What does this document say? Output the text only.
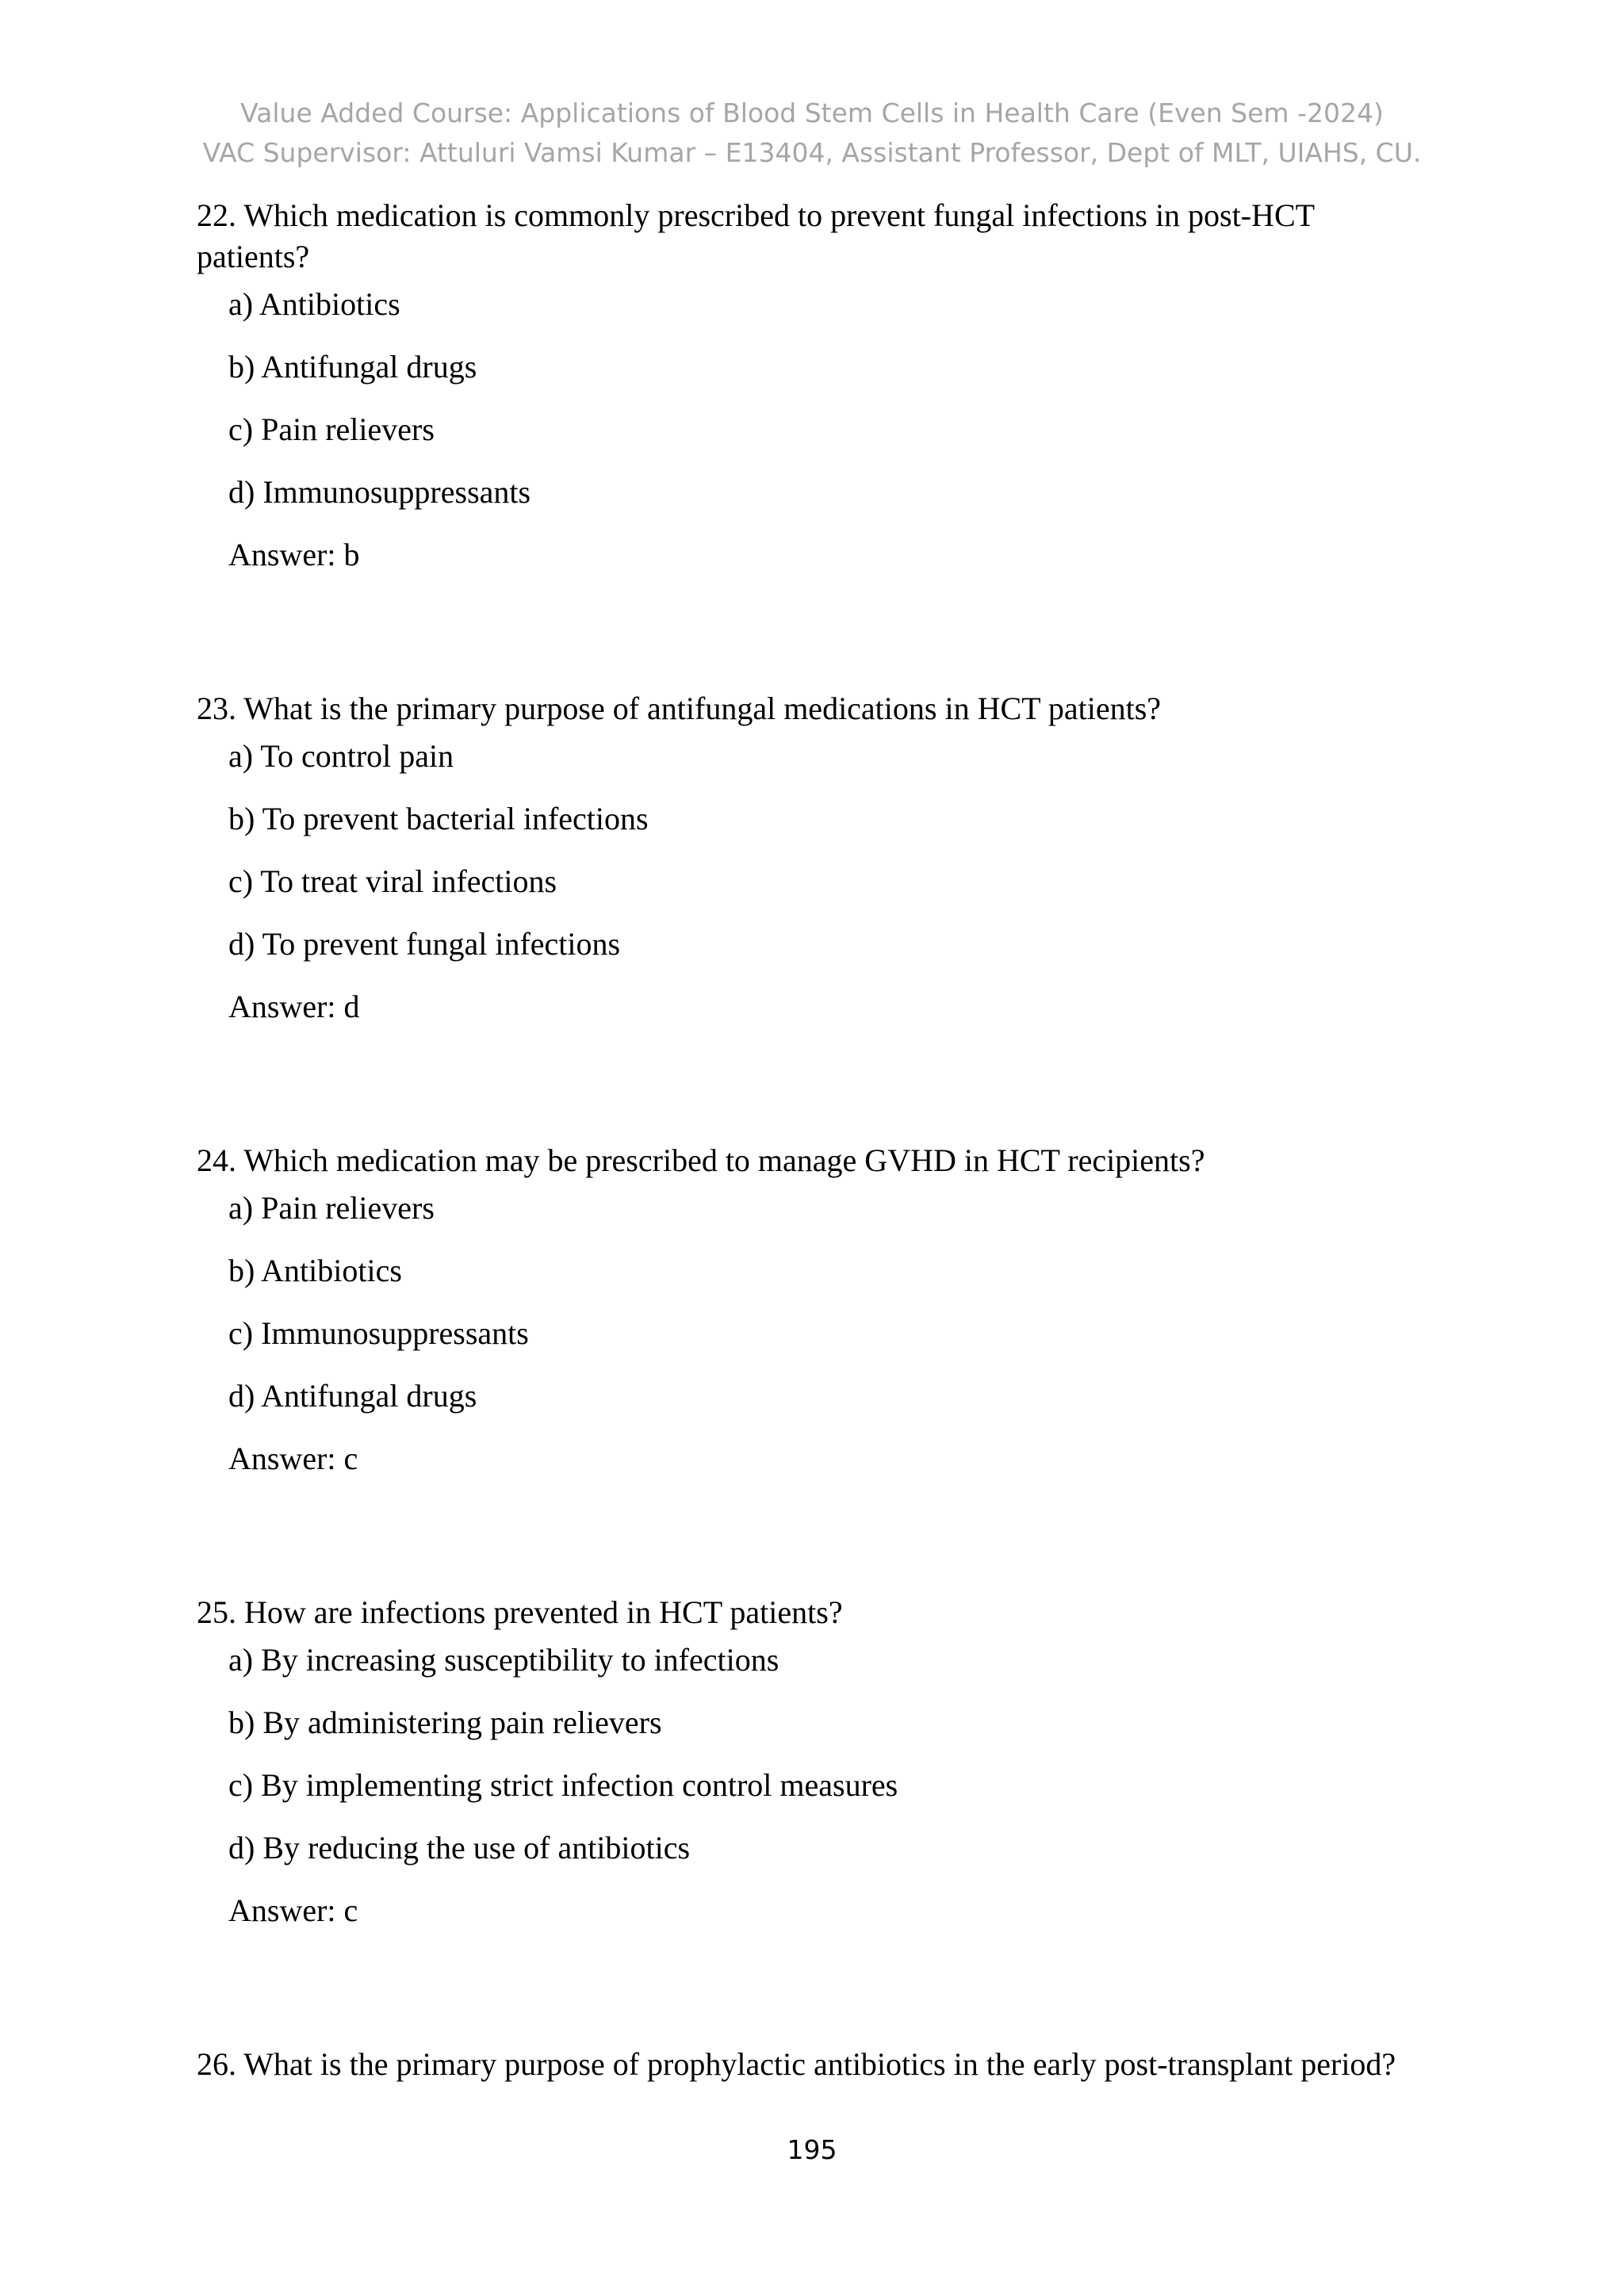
Value Added Course: Applications of Blood Stem Cells in Health Care (Even Sem -2024)
VAC Supervisor: Attuluri Vamsi Kumar – E13404, Assistant Professor, Dept of MLT, UIAHS, CU.
22. Which medication is commonly prescribed to prevent fungal infections in post-HCT patients?
a) Antibiotics
b) Antifungal drugs
c) Pain relievers
d) Immunosuppressants
Answer: b
23. What is the primary purpose of antifungal medications in HCT patients?
a) To control pain
b) To prevent bacterial infections
c) To treat viral infections
d) To prevent fungal infections
Answer: d
24. Which medication may be prescribed to manage GVHD in HCT recipients?
a) Pain relievers
b) Antibiotics
c) Immunosuppressants
d) Antifungal drugs
Answer: c
25. How are infections prevented in HCT patients?
a) By increasing susceptibility to infections
b) By administering pain relievers
c) By implementing strict infection control measures
d) By reducing the use of antibiotics
Answer: c
26. What is the primary purpose of prophylactic antibiotics in the early post-transplant period?
195
